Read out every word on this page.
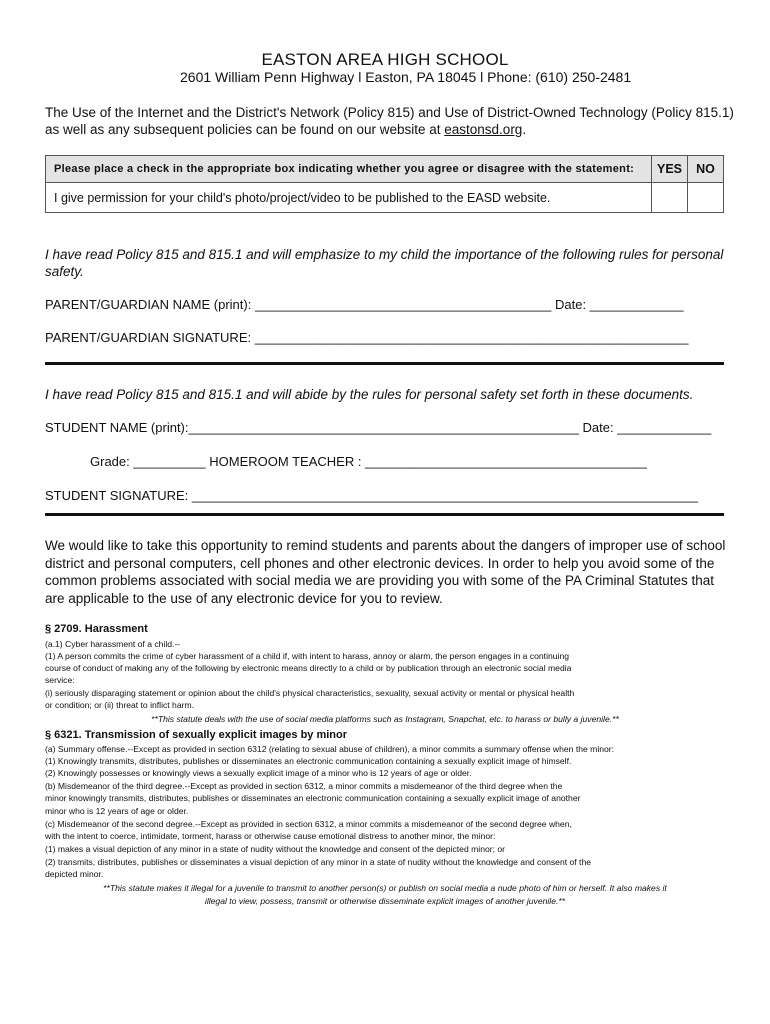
EASTON AREA HIGH SCHOOL
2601 William Penn Highway l Easton, PA 18045 l Phone: (610) 250-2481
The Use of the Internet and the District's Network (Policy 815) and Use of District-Owned Technology (Policy 815.1) as well as any subsequent policies can be found on our website at eastonsd.org.
Please place a check in the appropriate box indicating whether you agree or disagree with the statement:	YES	NO
I give permission for your child's photo/project/video to be published to the EASD website.		
I have read Policy 815 and 815.1 and will emphasize to my child the importance of the following rules for personal safety.
PARENT/GUARDIAN NAME (print): _________________________________________ Date: _____________
PARENT/GUARDIAN SIGNATURE: ____________________________________________________________
I have read Policy 815 and 815.1 and will abide by the rules for personal safety set forth in these documents.
STUDENT NAME (print):______________________________________________________ Date: _____________
Grade: __________ HOMEROOM TEACHER : _______________________________________
STUDENT SIGNATURE: ______________________________________________________________________
We would like to take this opportunity to remind students and parents about the dangers of improper use of school district and personal computers, cell phones and other electronic devices. In order to help you avoid some of the common problems associated with social media we are providing you with some of the PA Criminal Statutes that are applicable to the use of any electronic device for you to review.
§ 2709. Harassment
(a.1) Cyber harassment of a child.--
(1) A person commits the crime of cyber harassment of a child if, with intent to harass, annoy or alarm, the person engages in a continuing
course of conduct of making any of the following by electronic means directly to a child or by publication through an electronic social media
service:
(i) seriously disparaging statement or opinion about the child's physical characteristics, sexuality, sexual activity or mental or physical health
or condition; or (ii) threat to inflict harm.
**This statute deals with the use of social media platforms such as Instagram, Snapchat, etc. to harass or bully a juvenile.**
§ 6321. Transmission of sexually explicit images by minor
(a) Summary offense.--Except as provided in section 6312 (relating to sexual abuse of children), a minor commits a summary offense when the minor:
(1) Knowingly transmits, distributes, publishes or disseminates an electronic communication containing a sexually explicit image of himself.
(2) Knowingly possesses or knowingly views a sexually explicit image of a minor who is 12 years of age or older.
(b) Misdemeanor of the third degree.--Except as provided in section 6312, a minor commits a misdemeanor of the third degree when the
minor knowingly transmits, distributes, publishes or disseminates an electronic communication containing a sexually explicit image of another
minor who is 12 years of age or older.
(c) Misdemeanor of the second degree.--Except as provided in section 6312, a minor commits a misdemeanor of the second degree when,
with the intent to coerce, intimidate, torment, harass or otherwise cause emotional distress to another minor, the minor:
(1) makes a visual depiction of any minor in a state of nudity without the knowledge and consent of the depicted minor; or
(2) transmits, distributes, publishes or disseminates a visual depiction of any minor in a state of nudity without the knowledge and consent of the
depicted minor.
**This statute makes it illegal for a juvenile to transmit to another person(s) or publish on social media a nude photo of him or herself. It also makes it
illegal to view, possess, transmit or otherwise disseminate explicit images of another juvenile.**
